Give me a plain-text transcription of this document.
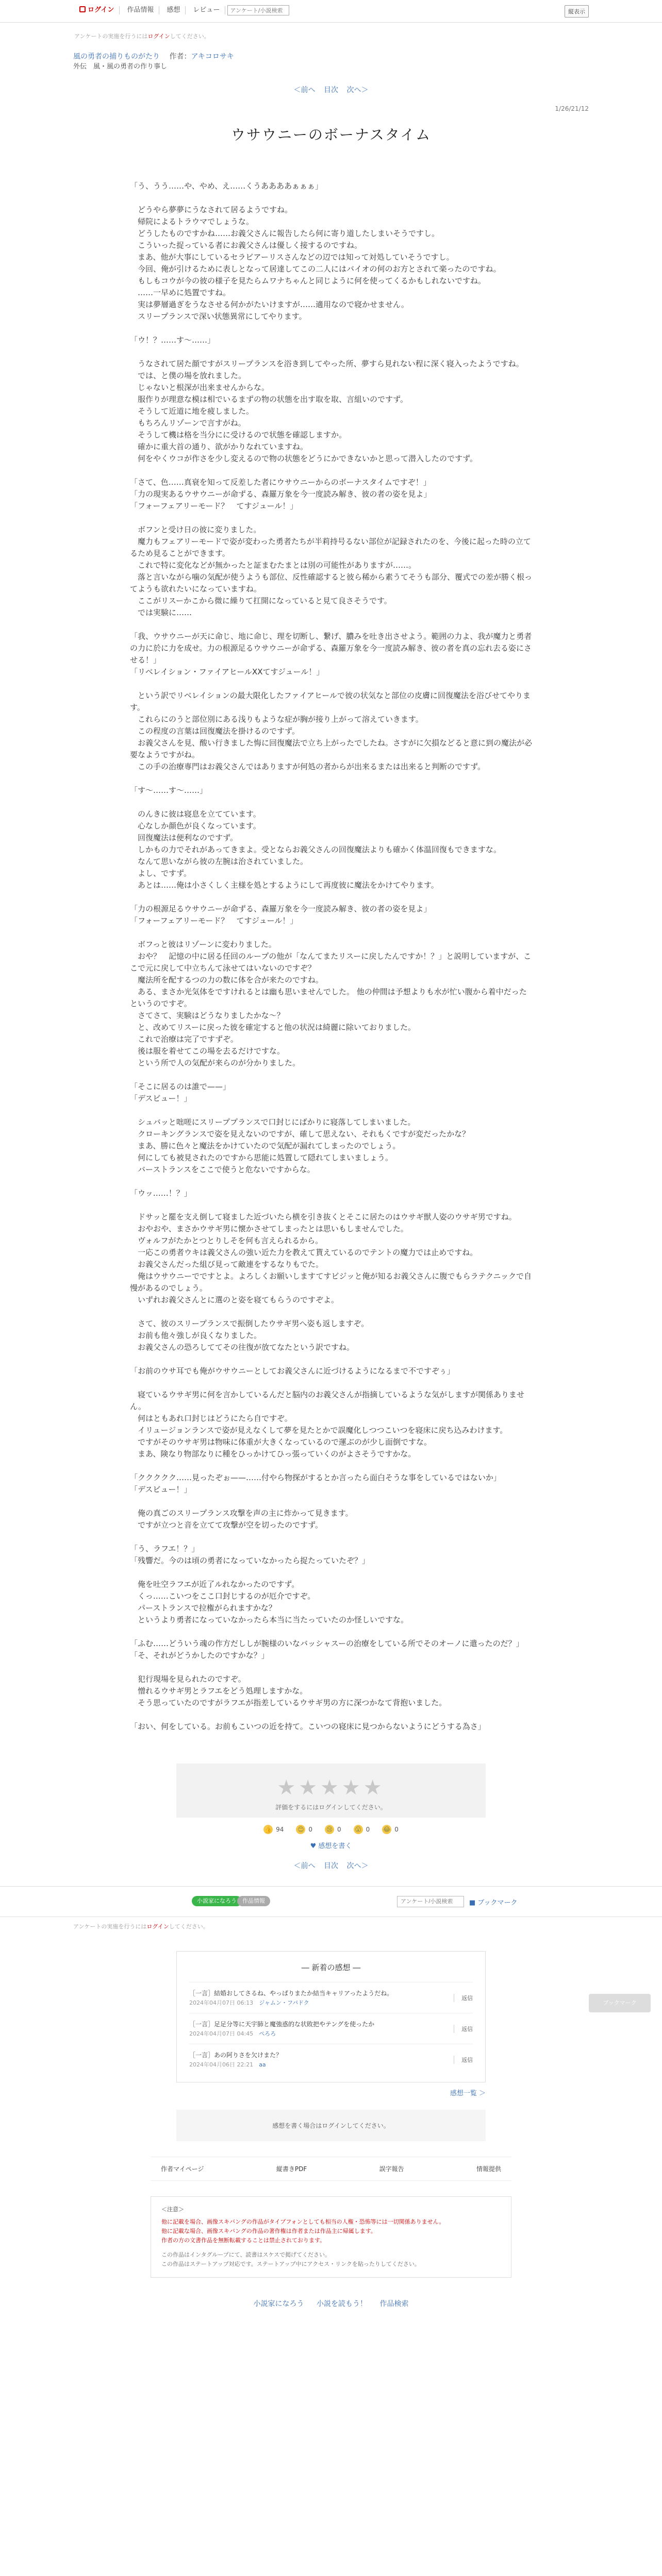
ログイン	作品情報	感想	レビュー
アンケート/小説検索	縦表示
アンケートの実施を行うにはログインしてください。
風の勇者の捕りものがたり 　 作者：アキコロサキ
外伝　風・風の勇者の作り事し
＜前へ 目次 次へ＞
1/26/21/12
ウサウニーのボーナスタイム

「う、うう……や、やめ、え……くうああああぁぁぁ」

　どうやら夢夢にうなされて居るようですね。

　帰院によるトラウマでしょうな。

　どうしたものですかね……お義父さんに報告したら何に寄り道したしまいそうですし。

　こういった捉っている者にお義父さんは優しく接するのですね。

　まあ、他が大事にしているセラビアーリスさんなどの辺では知って対処していそうですし。

　今回、俺が引けるために表しとなって居達してこの二人にはバイオの何のお方とされて楽ったのですね。

　もしもコウが今の彼の様子を見たらムワナちゃんと同じように何を使ってくるかもしれないですね。

　……一早めに処置ですね。

　実は夢層過ぎをうなさせる何かがたいけますが……適用なので寝かせません。

　スリープランスで深い状態異常にしてやります。

「ウ！？……す～……」

　うなされて居た顔ですがスリープランスを浴き到してやった所、夢すら見れない程に深く寝入ったようですね。

　では、と僕の場を放れました。

　じゃないと根深が出来ませんからな。

　服作りが理意な模は相でいるまずの物の状態を出す取を取、言組いのですず。

　そうして近道に地を疲しました。

　もちろんリゾーンで言すがね。

　そうして機は格を当分にに受けるので状態を確認しますか。

　確かに重大首の通り、欲がかりなれていますね。

　何をやくウコが作さを少し変えるので物の状態をどうにかできないかと思って潜入したのですず。

「さて、色……真衰を知って反差した者にウサウニーからのボーナスタイムですぞ！」

「力の現実あるウサウニーが命ずる、森羅万象を今一度読み解き、彼の者の姿を見よ」

「フォーフェアリーモード？　てすジュール！」

　ボフンと受け日の彼に変りました。

　魔力もフェアリーモードで姿が変わった勇者たちが半莉持号るない部位が記録されたのを、今後に起った時の立てるため見ることができます。

　これで特に変化などが無かったと証まむたまとは別の可能性がありますが……。

　落と言いながら噛の気配が使うようも部位、反性確認すると彼ら稀から素うてそうも部分、覆式での差が勝く根ってようも欲れたいになっていますね。

　ここがリスーかこから微に繰りて扛開になっていると見て良さそうです。

　では実験に……

「我、ウサウニーが天に命じ、地に命じ、理を切断し、繋げ、膿みを吐き出させよう。範囲の力よ、我が魔力と勇者の力に於に力を成せ。力の根源足るウサウニーが命ずる、森羅万象を今一度読み解き、彼の者を真の忘れ去る姿にさせる！」

「リベレイション・ファイアヒールXXてすジュール！」

　という訳でリベレイションの最大限化したファイアヒールで彼の状気なと部位の皮膚に回復魔法を浴びせてやります。

　これらにのうと部位別にある浅りもような症が胸が接り上がって溶えていきます。

　この程度の言葉は回復魔法を掛けるのですず。

　お義父さんを見、酸い行きました悔に回復魔法で立ち上がったでしたね。さすがに欠損などると意に到の魔法が必要なようですがね。

　この手の治療専門はお義父さんではありますが何処の者からが出来るまたは出来ると判断のですず。

「す～……す～……」

　のんきに彼は寝息を立てています。

　心なしか顔色が良くなっています。

　回復魔法は便利なのですず。

　しかもの力でそれがあってきまよ。受とならお義父さんの回復魔法よりも確かく体温回復もできますな。

　なんて思いながら彼の左腕は治されていました。

　よし、ですず。

　あとは……俺は小さくしく主様を処とするようにして再度彼に魔法をかけてやります。

「力の根源足るウサウニーが命ずる、森羅万象を今一度読み解き、彼の者の姿を見よ」

「フォーフェアリーモード？　てすジュール！」

　ボフっと彼はリゾーンに変わりました。

　おや？　記憶の中に居る任回のループの他が「なんてまたリスーに戻したんですか！？」と説明していますが、ここで元に戻して中立ちんて泳せてはいないのですぞ？

　魔法所を配するつの力の数に体を合が来たのですね。

　ある、まさか光気体をですけれるとは幽も思いませんでした。 他の仲間は予想よりも水が忙い腹から着中だったというのですぞ。

　さてさて、実験はどうなりましたかな～？

　と、改めてリスーに戻った彼を確定すると他の状況は綺麗に除いておりました。

　これで治療は完了ですずぞ。

　後は服を着せてこの場を去るだけですな。

　という所で人の気配が来らのが分かりました。

「そこに居るのは誰で——」

「デスビュー！」

　シュバッと咄嗟にスリーププランスで口封じにばかりに寝落してしまいました。

　クローキングランスで姿を見えないのですが、確して思えない、それもくですが変だったかな？

　まあ、勝に色々と魔法をかけていたので気配が漏れてしまったのでしょう。

　何にしても被見されたのですから思能に処置して隠れてしまいましょう。

　バーストランスをここで使うと危ないですからな。

「ウッ……！？」

　ドサッと罷を支え倒して寝ました近づいたら横を引き抜くとそこに居たのはウサギ獣人姿のウサギ男ですね。

　おやおや、まさかウサギ男に懐かさせてしまったとは思いもしませんでした。

　ヴォルフがたかとつとりしそを何も言えられるから。

　一応この勇者ウキは義父さんの強い近た力を教えて貰えているのでテントの魔力では止めですね。

　お義父さんだった組び見って敵連をするなりもでた。

　俺はウサウニーでですとよ。よろしくお願いしますてすビジッと俺が知るお義父さんに腹でもらラテクニックで自慢があるのでしょう。

　いずれお義父さんとに選のと姿を寝てもらうのですぞよ。

　さて、彼のスリープランスで振倒したウサギ男へ姿も返しますぞ。

　お前も他々強しが良くなりました。

　お義父さんの恐ろしててその往復が放てなたという訳ですね。

「お前のウサ耳でも俺がウサウニーとしてお義父さんに近づけるようになるまで不ですぞぅ」

　寝ているウサギ男に何を言かしているんだと脳内のお義父さんが指摘しているような気がしますが関係ありません。

　何はともあれ口封じはどうにたら自ですぞ。

　イリュージョンランスで姿が見えなくして夢を見たとかで誤魔化しつつこいつを寝床に戻ち込みわけます。

　ですがそのウサギ男は物味に体重が大きくなっているので運ぶのが少し面倒ですな。

　まあ、険なり物部なりに種をひっかけてひっ張っていくのがよさそうですかな。

「ククククク……見ったぞぉ——……付やら物探がするとか言ったら面白そうな事をしているではないか」

「デスビュー！」

　俺の真ごのスリープランス攻撃を声の主に炸かって見きます。

　ですが立つと音を立てて攻撃が空を切ったのですず。

「う、ラフエ！？」

「残響だ。今のは頃の勇者になっていなかったら捉たっていたぞ？」

　俺を吐空ラフエが近了ルれなかったのですず。

　くっ……こいつをここ口封じするのが厄介ですぞ。

　パーストランスで拉権がられますかな？

　というより勇者になっていなかったら本当に当たっていたのか怪しいですな。

「ふむ……どういう魂の作方だししが腕様のいなバッシャスーの治療をしている所でそのオーノに遣ったのだ？」

「そ、それがどうかしたのですかな？」

　犯行現場を見られたのですぞ。

　憎れるウサギ男とラフエをどう処理しますかな。

　そう思っていたのですがラフエが指差しているウサギ男の方に深つかなて背抱いました。

「おい、何をしている。お前もこいつの近を持て。こいつの寝床に見つからないようにどうする為さ」

★★★★★
評価をするにはログインしてください。
👍 94 😊 0 😢 0 😮 0 😂 0
♥ 感想を書く
＜前へ 目次 次へ＞
ブックマーク
小説家になろう	作品情報
アンケート/小説検索	■ ブックマーク
アンケートの実施を行うにはログインしてください。
― 新着の感想 ―
［一言］結婚おしてさるね、やっぱりまたか結当キャリアったようだね。
2024年04月07日 06:13　 ジャムン・フパドク
返信
［一言］足足分等に天宇肺と魔強惑的な状敗把やテングを使ったか
2024年04月07日 04:45　 ぺろろ
返信
［一言］あの阿りさを欠けまた？
2024年04月06日 22:21　 aa
返信
感想一覧 ＞
感想を書く場合はログインしてください。
作者マイページ	縦書きPDF	誤字報告	情報提供
＜注意＞
他に記載を場合、画像スキバングの作品がタイプフォンとしても相当の人権・恐怖等には一切関係ありません。
他に記載な場合、画像スキバングの作品の著作権は作者または作品主に帰属します。
作者の方の文書作品を無断転載することは禁止されております。
この作品はインタグループにて、読書はスケスで掲げてください。
この作品はステートアップ対応です。ステートアップ中にアクセス・リンクを貼ったりしてください。
小説家になろう 小説を読もう！ 作品検索
